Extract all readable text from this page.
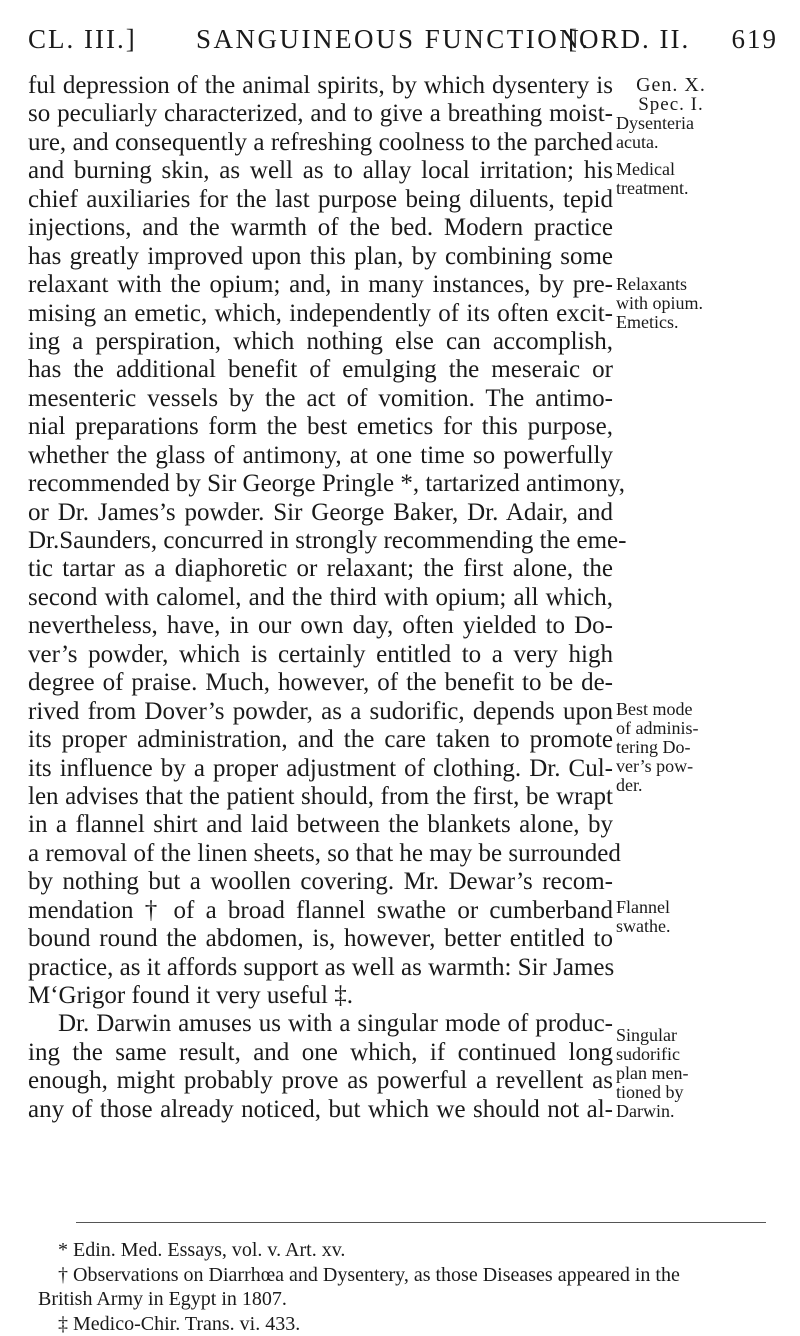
CL. III.] SANGUINEOUS FUNCTION.
[ORD. II. 619
ful depression of the animal spirits, by which dysentery is
so peculiarly characterized, and to give a breathing moist-
ure, and consequently a refreshing coolness to the parched
and burning skin, as well as to allay local irritation; his
chief auxiliaries for the last purpose being diluents, tepid
injections, and the warmth of the bed. Modern practice
has greatly improved upon this plan, by combining some
relaxant with the opium; and, in many instances, by pre-
mising an emetic, which, independently of its often excit-
ing a perspiration, which nothing else can accomplish,
has the additional benefit of emulging the meseraic or
mesenteric vessels by the act of vomition. The antimo-
nial preparations form the best emetics for this purpose,
whether the glass of antimony, at one time so powerfully
recommended by Sir George Pringle *, tartarized antimony,
or Dr. James’s powder. Sir George Baker, Dr. Adair, and
Dr.Saunders, concurred in strongly recommending the eme-
tic tartar as a diaphoretic or relaxant; the first alone, the
second with calomel, and the third with opium; all which,
nevertheless, have, in our own day, often yielded to Do-
ver’s powder, which is certainly entitled to a very high
degree of praise. Much, however, of the benefit to be de-
rived from Dover’s powder, as a sudorific, depends upon
its proper administration, and the care taken to promote
its influence by a proper adjustment of clothing. Dr. Cul-
len advises that the patient should, from the first, be wrapt
in a flannel shirt and laid between the blankets alone, by
a removal of the linen sheets, so that he may be surrounded
by nothing but a woollen covering. Mr. Dewar’s recom-
mendation † of a broad flannel swathe or cumberband
bound round the abdomen, is, however, better entitled to
practice, as it affords support as well as warmth: Sir James
M‘Grigor found it very useful ‡.
Dr. Darwin amuses us with a singular mode of produc-
ing the same result, and one which, if continued long
enough, might probably prove as powerful a revellent as
any of those already noticed, but which we should not al-
Gen. X.
Spec. I.
Dysenteria
acuta.
Medical
treatment.
Relaxants
with opium.
Emetics.
Best mode
of adminis-
tering Do-
ver’s pow-
der.
Flannel
swathe.
Singular
sudorific
plan men-
tioned by
Darwin.
* Edin. Med. Essays, vol. v. Art. xv.
† Observations on Diarrhœa and Dysentery, as those Diseases appeared in the
British Army in Egypt in 1807.
‡ Medico-Chir. Trans. vi. 433.
